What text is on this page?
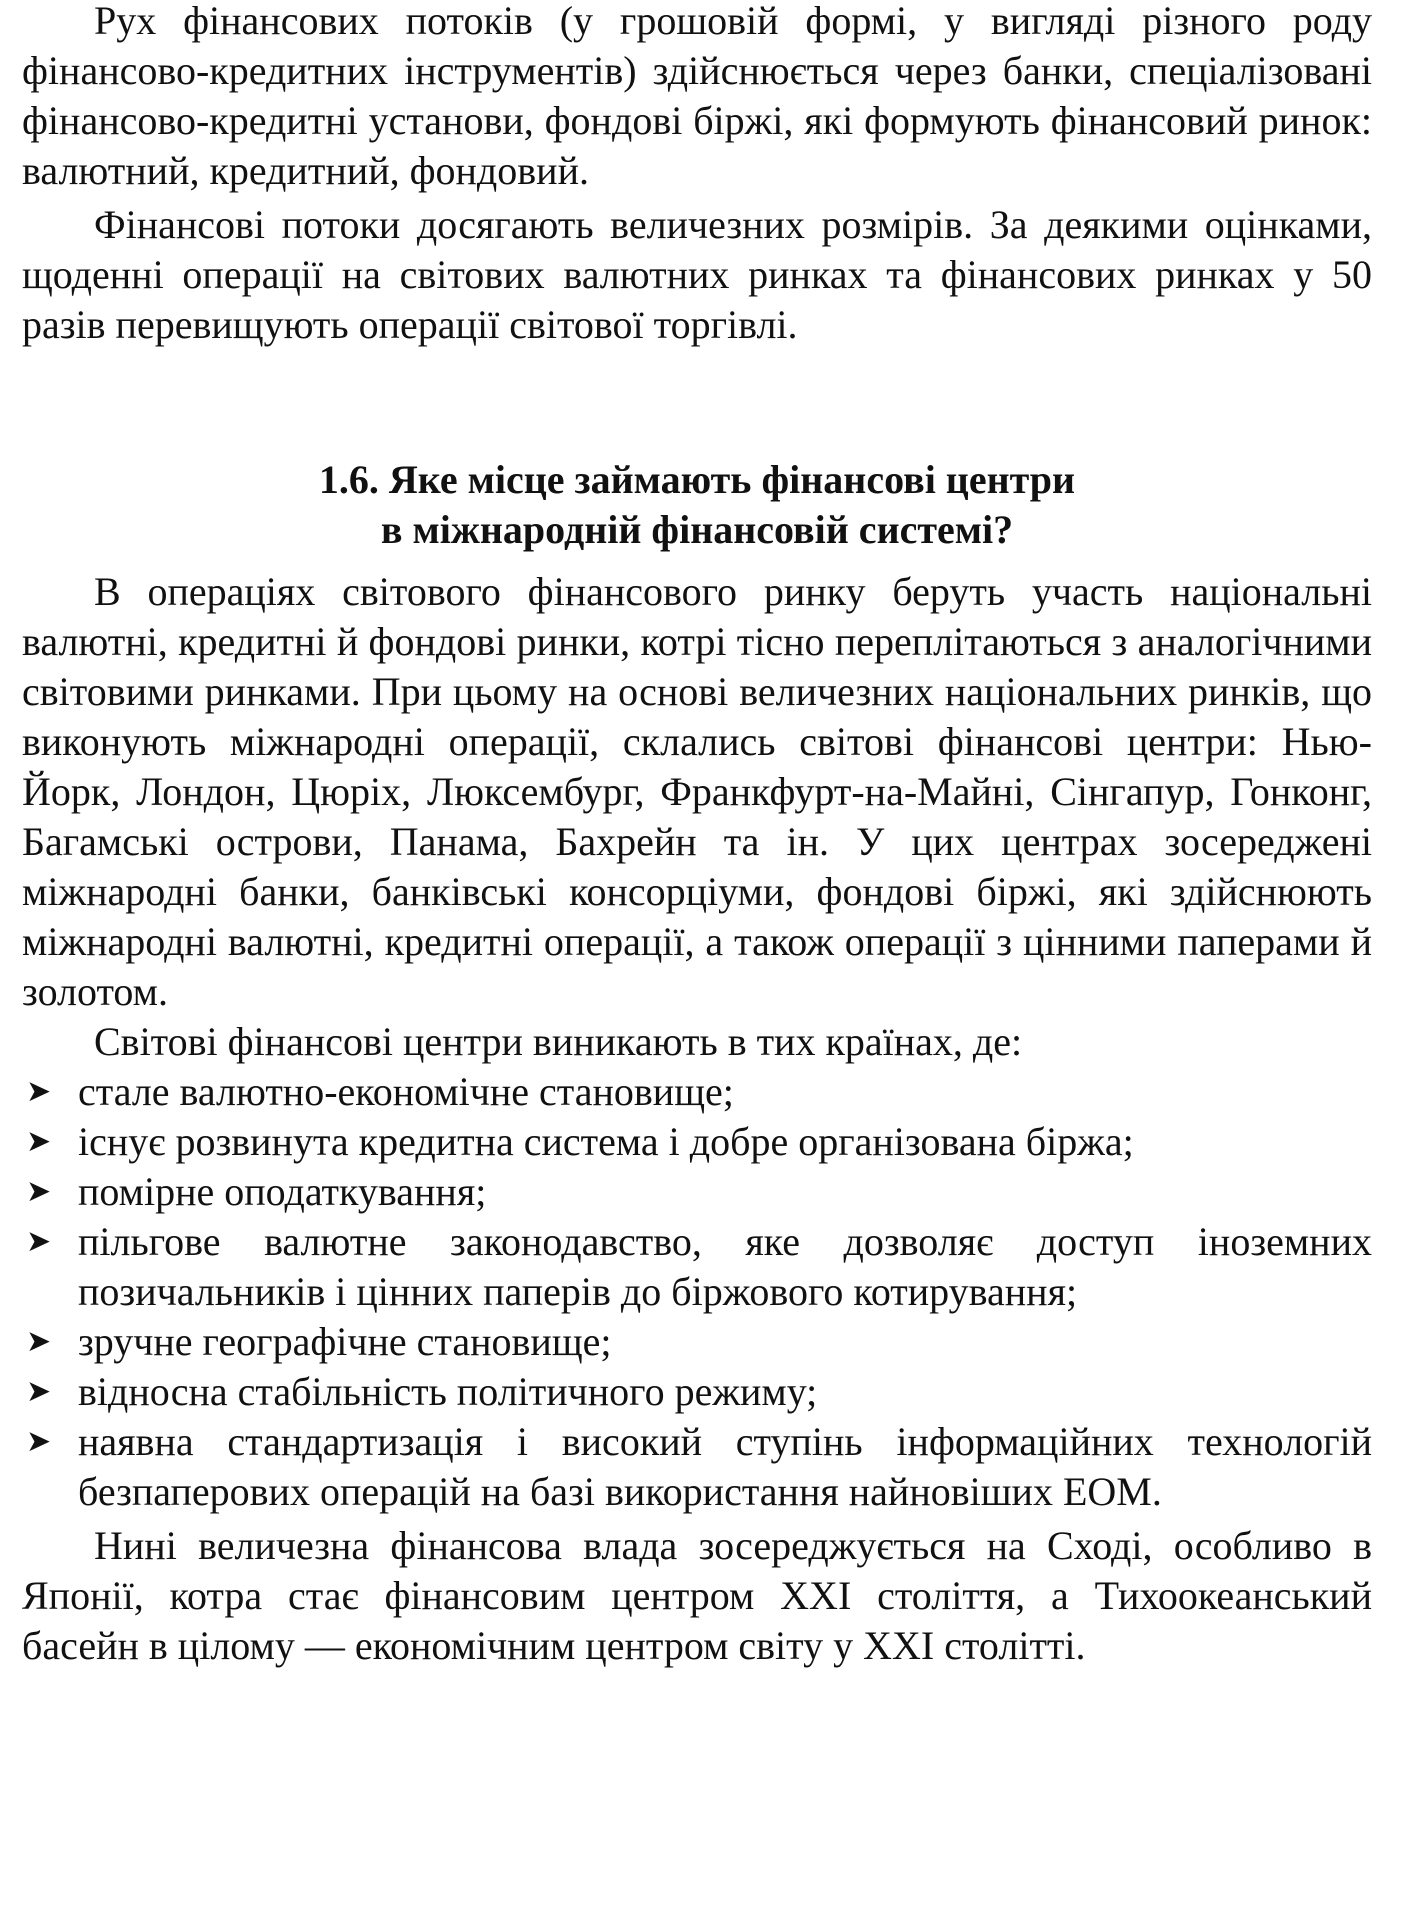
Рух фінансових потоків (у грошовій формі, у вигляді різного роду фінансово-кредитних інструментів) здійснюється через банки, спеціалізовані фінансово-кредитні установи, фондові біржі, які формують фінансовий ринок: валютний, кредитний, фондовий.

Фінансові потоки досягають величезних розмірів. За деякими оцінками, щоденні операції на світових валютних ринках та фінансових ринках у 50 разів перевищують операції світової торгівлі.

1.6. Яке місце займають фінансові центри
в міжнародній фінансовій системі?

В операціях світового фінансового ринку беруть участь національні валютні, кредитні й фондові ринки, котрі тісно переплітаються з аналогічними світовими ринками. При цьому на основі величезних національних ринків, що виконують міжнародні операції, склались світові фінансові центри: Нью-Йорк, Лондон, Цюріх, Люксембург, Франкфурт-на-Майні, Сінгапур, Гонконг, Багамські острови, Панама, Бахрейн та ін. У цих центрах зосереджені міжнародні банки, банківські консорціуми, фондові біржі, які здійснюють міжнародні валютні, кредитні операції, а також операції з цінними паперами й золотом.

Світові фінансові центри виникають в тих країнах, де:

➤ стале валютно-економічне становище;
➤ існує розвинута кредитна система і добре організована біржа;
➤ помірне оподаткування;
➤ пільгове валютне законодавство, яке дозволяє доступ іноземних позичальників і цінних паперів до біржового котирування;
➤ зручне географічне становище;
➤ відносна стабільність політичного режиму;
➤ наявна стандартизація і високий ступінь інформаційних технологій безпаперових операцій на базі використання найновіших ЕОМ.

Нині величезна фінансова влада зосереджується на Сході, особливо в Японії, котра стає фінансовим центром XXI століття, а Тихоокеанський басейн в цілому — економічним центром світу у XXI столітті.
